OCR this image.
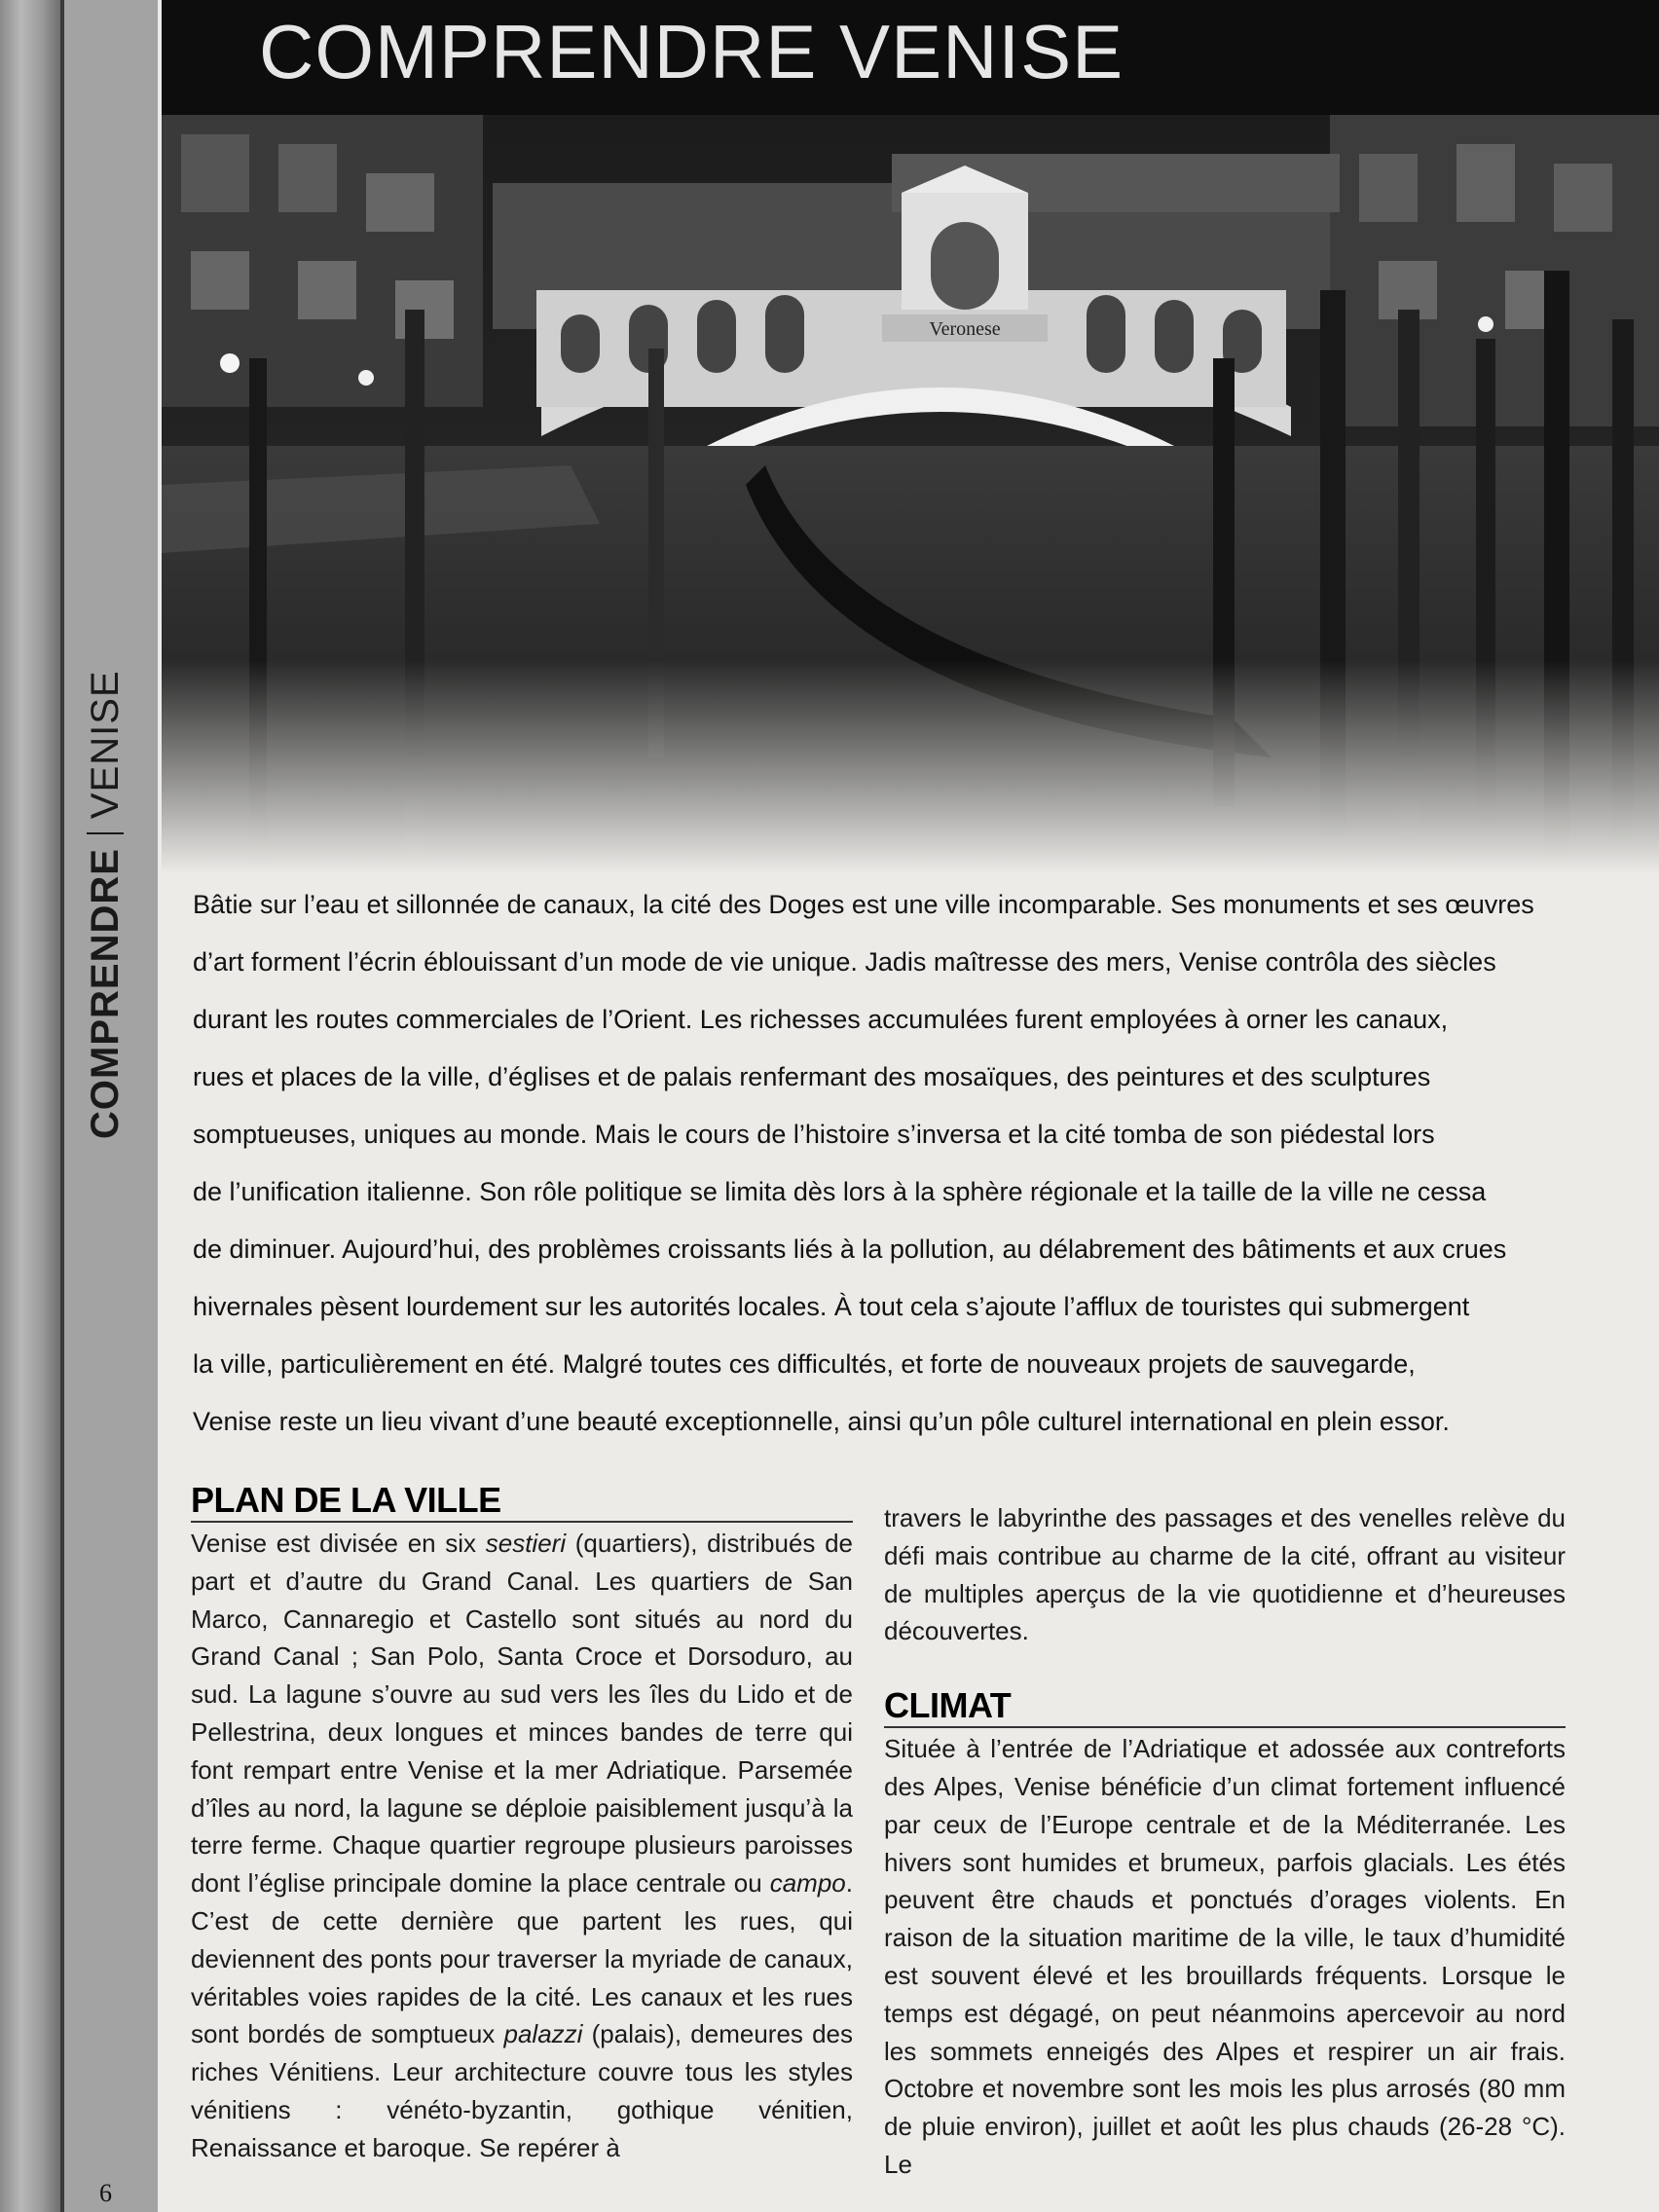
COMPRENDREVENISE
6
COMPRENDRE VENISE
Veronese

Bâtie sur l’eau et sillonnée de canaux, la cité des Doges est une ville incomparable. Ses monuments et ses œuvres

d’art forment l’écrin éblouissant d’un mode de vie unique. Jadis maîtresse des mers, Venise contrôla des siècles

durant les routes commerciales de l’Orient. Les richesses accumulées furent employées à orner les canaux,

rues et places de la ville, d’églises et de palais renfermant des mosaïques, des peintures et des sculptures

somptueuses, uniques au monde. Mais le cours de l’histoire s’inversa et la cité tomba de son piédestal lors

de l’unification italienne. Son rôle politique se limita dès lors à la sphère régionale et la taille de la ville ne cessa

de diminuer. Aujourd’hui, des problèmes croissants liés à la pollution, au délabrement des bâtiments et aux crues

hivernales pèsent lourdement sur les autorités locales. À tout cela s’ajoute l’afflux de touristes qui submergent

la ville, particulièrement en été. Malgré toutes ces difficultés, et forte de nouveaux projets de sauvegarde,

Venise reste un lieu vivant d’une beauté exceptionnelle, ainsi qu’un pôle culturel international en plein essor.

PLAN DE LA VILLE

Venise est divisée en six sestieri (quartiers), distribués de part et d’autre du Grand Canal. Les quartiers de San Marco, Cannaregio et Castello sont situés au nord du Grand Canal ; San Polo, Santa Croce et Dorsoduro, au sud. La lagune s’ouvre au sud vers les îles du Lido et de Pellestrina, deux longues et minces bandes de terre qui font rempart entre Venise et la mer Adriatique. Parsemée d’îles au nord, la lagune se déploie paisiblement jusqu’à la terre ferme. Chaque quartier regroupe plusieurs paroisses dont l’église principale domine la place centrale ou campo. C’est de cette dernière que partent les rues, qui deviennent des ponts pour traverser la myriade de canaux, véritables voies rapides de la cité. Les canaux et les rues sont bordés de somptueux palazzi (palais), demeures des riches Vénitiens. Leur architecture couvre tous les styles vénitiens : vénéto-byzantin, gothique vénitien, Renaissance et baroque. Se repérer à

travers le labyrinthe des passages et des venelles relève du défi mais contribue au charme de la cité, offrant au visiteur de multiples aperçus de la vie quotidienne et d’heureuses découvertes.

CLIMAT

Située à l’entrée de l’Adriatique et adossée aux contreforts des Alpes, Venise bénéficie d’un climat fortement influencé par ceux de l’Europe centrale et de la Méditerranée. Les hivers sont humides et brumeux, parfois glacials. Les étés peuvent être chauds et ponctués d’orages violents. En raison de la situation maritime de la ville, le taux d’humidité est souvent élevé et les brouillards fréquents. Lorsque le temps est dégagé, on peut néanmoins apercevoir au nord les sommets enneigés des Alpes et respirer un air frais. Octobre et novembre sont les mois les plus arrosés (80 mm de pluie environ), juillet et août les plus chauds (26-28 °C). Le
